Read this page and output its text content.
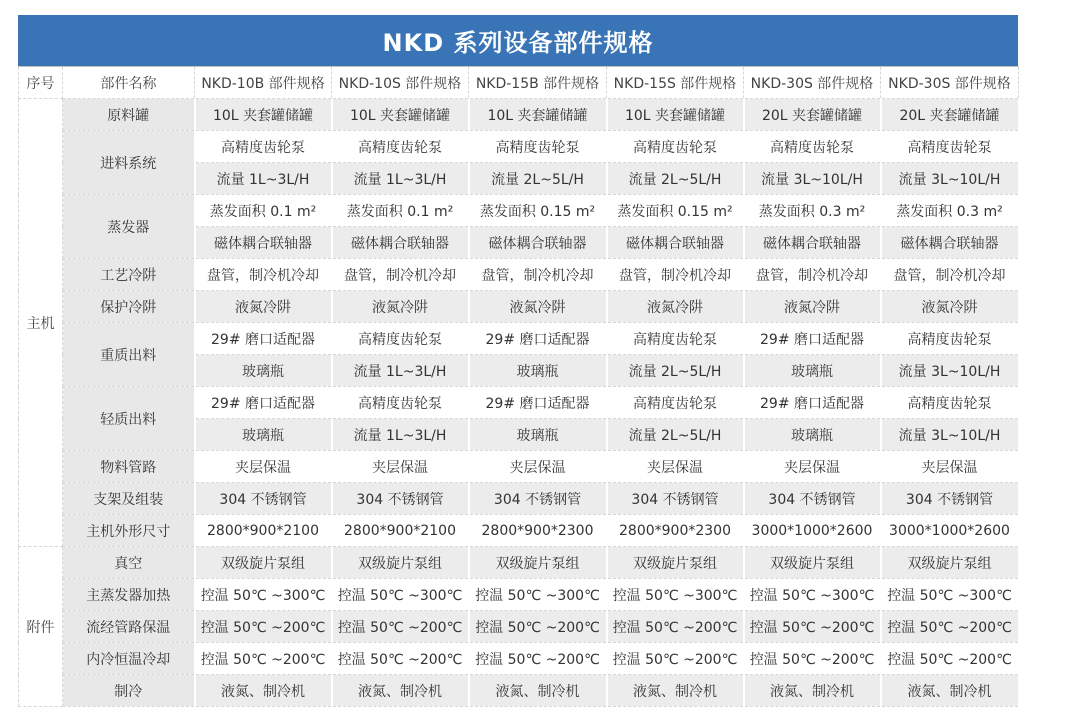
NKD 系列设备部件规格
序号	部件名称	NKD-10B 部件规格	NKD-10S 部件规格	NKD-15B 部件规格	NKD-15S 部件规格	NKD-30S 部件规格	NKD-30S 部件规格
主机	原料罐	10L 夹套罐储罐	10L 夹套罐储罐	10L 夹套罐储罐	10L 夹套罐储罐	20L 夹套罐储罐	20L 夹套罐储罐
	进料系统	高精度齿轮泵	高精度齿轮泵	高精度齿轮泵	高精度齿轮泵	高精度齿轮泵	高精度齿轮泵
		流量 1L~3L/H	流量 1L~3L/H	流量 2L~5L/H	流量 2L~5L/H	流量 3L~10L/H	流量 3L~10L/H
	蒸发器	蒸发面积 0.1 m²	蒸发面积 0.1 m²	蒸发面积 0.15 m²	蒸发面积 0.15 m²	蒸发面积 0.3 m²	蒸发面积 0.3 m²
		磁体耦合联轴器	磁体耦合联轴器	磁体耦合联轴器	磁体耦合联轴器	磁体耦合联轴器	磁体耦合联轴器
	工艺冷阱	盘管，制冷机冷却	盘管，制冷机冷却	盘管，制冷机冷却	盘管，制冷机冷却	盘管，制冷机冷却	盘管，制冷机冷却
	保护冷阱	液氮冷阱	液氮冷阱	液氮冷阱	液氮冷阱	液氮冷阱	液氮冷阱
	重质出料	29# 磨口适配器	高精度齿轮泵	29# 磨口适配器	高精度齿轮泵	29# 磨口适配器	高精度齿轮泵
		玻璃瓶	流量 1L~3L/H	玻璃瓶	流量 2L~5L/H	玻璃瓶	流量 3L~10L/H
	轻质出料	29# 磨口适配器	高精度齿轮泵	29# 磨口适配器	高精度齿轮泵	29# 磨口适配器	高精度齿轮泵
		玻璃瓶	流量 1L~3L/H	玻璃瓶	流量 2L~5L/H	玻璃瓶	流量 3L~10L/H
	物料管路	夹层保温	夹层保温	夹层保温	夹层保温	夹层保温	夹层保温
	支架及组装	304 不锈钢管	304 不锈钢管	304 不锈钢管	304 不锈钢管	304 不锈钢管	304 不锈钢管
	主机外形尺寸	2800*900*2100	2800*900*2100	2800*900*2300	2800*900*2300	3000*1000*2600	3000*1000*2600
附件	真空	双级旋片泵组	双级旋片泵组	双级旋片泵组	双级旋片泵组	双级旋片泵组	双级旋片泵组
	主蒸发器加热	控温 50℃ ~300℃	控温 50℃ ~300℃	控温 50℃ ~300℃	控温 50℃ ~300℃	控温 50℃ ~300℃	控温 50℃ ~300℃
	流经管路保温	控温 50℃ ~200℃	控温 50℃ ~200℃	控温 50℃ ~200℃	控温 50℃ ~200℃	控温 50℃ ~200℃	控温 50℃ ~200℃
	内冷恒温冷却	控温 50℃ ~200℃	控温 50℃ ~200℃	控温 50℃ ~200℃	控温 50℃ ~200℃	控温 50℃ ~200℃	控温 50℃ ~200℃
	制冷	液氮、制冷机	液氮、制冷机	液氮、制冷机	液氮、制冷机	液氮、制冷机	液氮、制冷机
